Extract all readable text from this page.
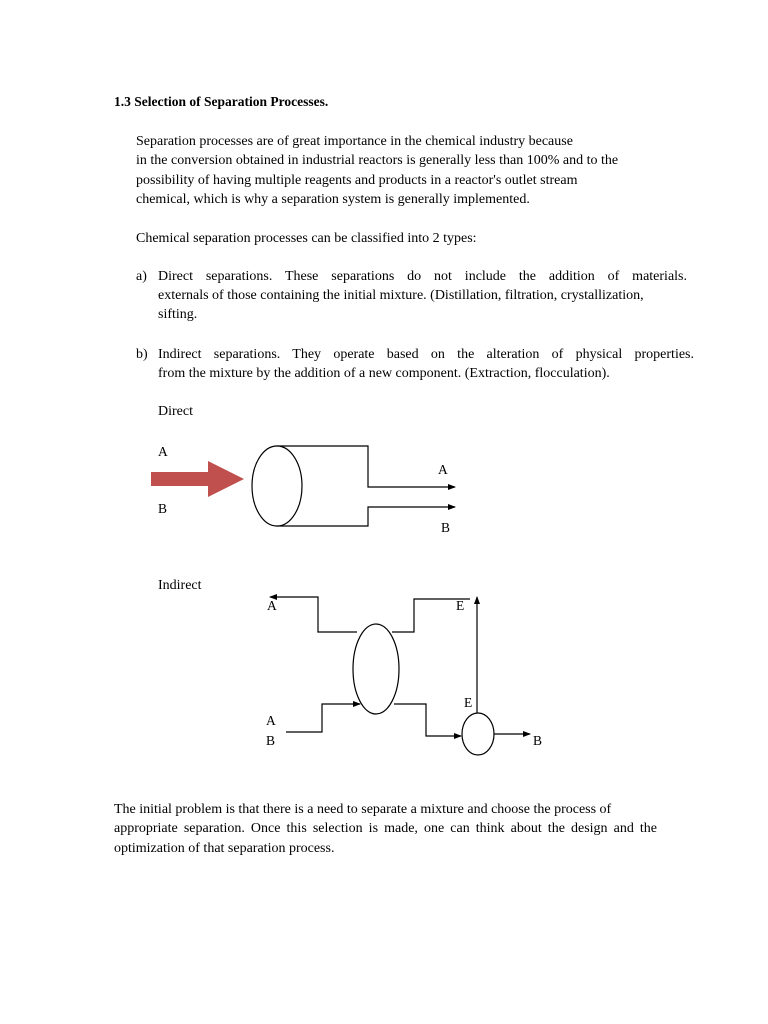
1.3 Selection of Separation Processes.
Separation processes are of great importance in the chemical industry because
in the conversion obtained in industrial reactors is generally less than 100% and to the
possibility of having multiple reagents and products in a reactor's outlet stream
chemical, which is why a separation system is generally implemented.
Chemical separation processes can be classified into 2 types:
a) Direct separations. These separations do not include the addition of materials.
externals of those containing the initial mixture. (Distillation, filtration, crystallization,
sifting.
b) Indirect separations. They operate based on the alteration of physical properties.
from the mixture by the addition of a new component. (Extraction, flocculation).
Direct
A
B
A
B
Indirect
A	E
E
A
B	B
The initial problem is that there is a need to separate a mixture and choose the process of
appropriate separation. Once this selection is made, one can think about the design and the
optimization of that separation process.
